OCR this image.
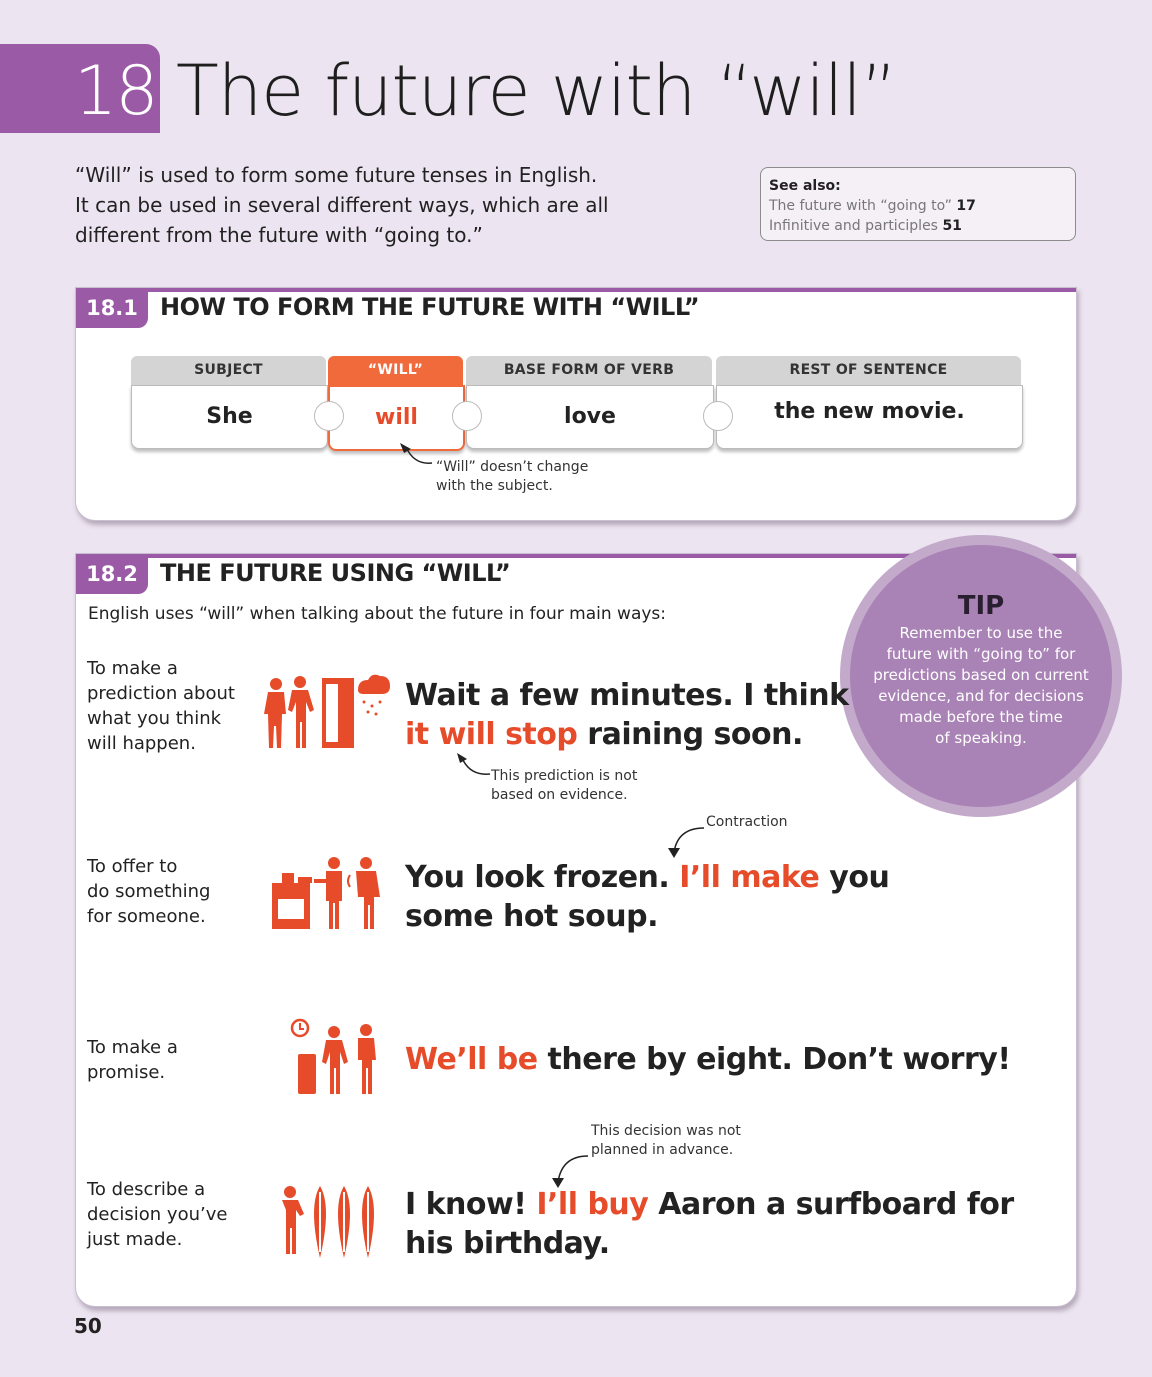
18 The future with “will”
“Will” is used to form some future tenses in English.
It can be used in several different ways, which are all
different from the future with “going to.”
See also:
The future with “going to” 17
Infinitive and participles 51
18.1 HOW TO FORM THE FUTURE WITH “WILL”
SUBJECT
She
“WILL”
will
BASE FORM OF VERB
love
REST OF SENTENCE
the new movie.
“Will” doesn’t change
with the subject.
18.2 THE FUTURE USING “WILL”
English uses “will” when talking about the future in four main ways:	TIP
Remember to use the
future with “going to” for
predictions based on current
evidence, and for decisions
made before the time
of speaking.
To make a
prediction about
what you think
will happen.
Wait a few minutes. I think
it will stop raining soon.
This prediction is not
based on evidence.
Contraction
To offer to
do something
for someone.
You look frozen. I’ll make you
some hot soup.
To make a
promise.	We’ll be there by eight. Don’t worry!
This decision was not
planned in advance.
To describe a
decision you’ve
just made.
I know! I’ll buy Aaron a surfboard for
his birthday.
50
